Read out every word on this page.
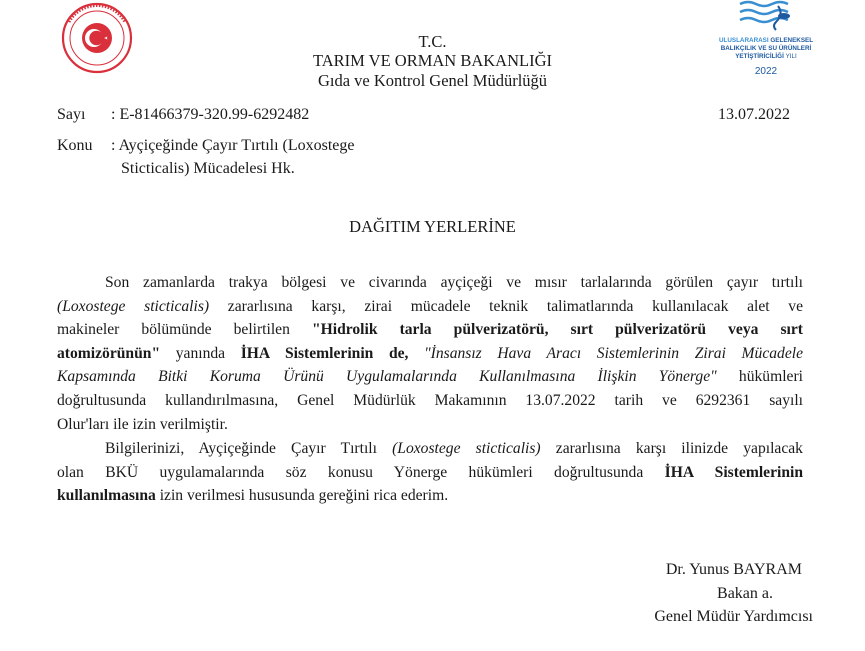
ULUSLARARASI GELENEKSEL
BALIKÇILIK VE SU ÜRÜNLERİ
YETİŞTİRİCİLİĞİ YILI
2022
T.C.
TARIM VE ORMAN BAKANLIĞI
Gıda ve Kontrol Genel Müdürlüğü
Sayı : E-81466379-320.99-6292482	13.07.2022
Konu : Ayçiçeğinde Çayır Tırtılı (Loxostege
Sticticalis) Mücadelesi Hk.
DAĞITIM YERLERİNE
Son zamanlarda trakya bölgesi ve civarında ayçiçeği ve mısır tarlalarında görülen çayır tırtılı
(Loxostege sticticalis) zararlısına karşı, zirai mücadele teknik talimatlarında kullanılacak alet ve
makineler bölümünde belirtilen "Hidrolik tarla pülverizatörü, sırt pülverizatörü veya sırt
atomizörünün" yanında İHA Sistemlerinin de, "İnsansız Hava Aracı Sistemlerinin Zirai Mücadele
Kapsamında Bitki Koruma Ürünü Uygulamalarında Kullanılmasına İlişkin Yönerge" hükümleri
doğrultusunda kullandırılmasına, Genel Müdürlük Makamının 13.07.2022 tarih ve 6292361 sayılı
Olur'ları ile izin verilmiştir.
Bilgilerinizi, Ayçiçeğinde Çayır Tırtılı (Loxostege sticticalis) zararlısına karşı ilinizde yapılacak
olan BKÜ uygulamalarında söz konusu Yönerge hükümleri doğrultusunda İHA Sistemlerinin
kullanılmasına izin verilmesi hususunda gereğini rica ederim.
Dr. Yunus BAYRAM
Bakan a.
Genel Müdür Yardımcısı
